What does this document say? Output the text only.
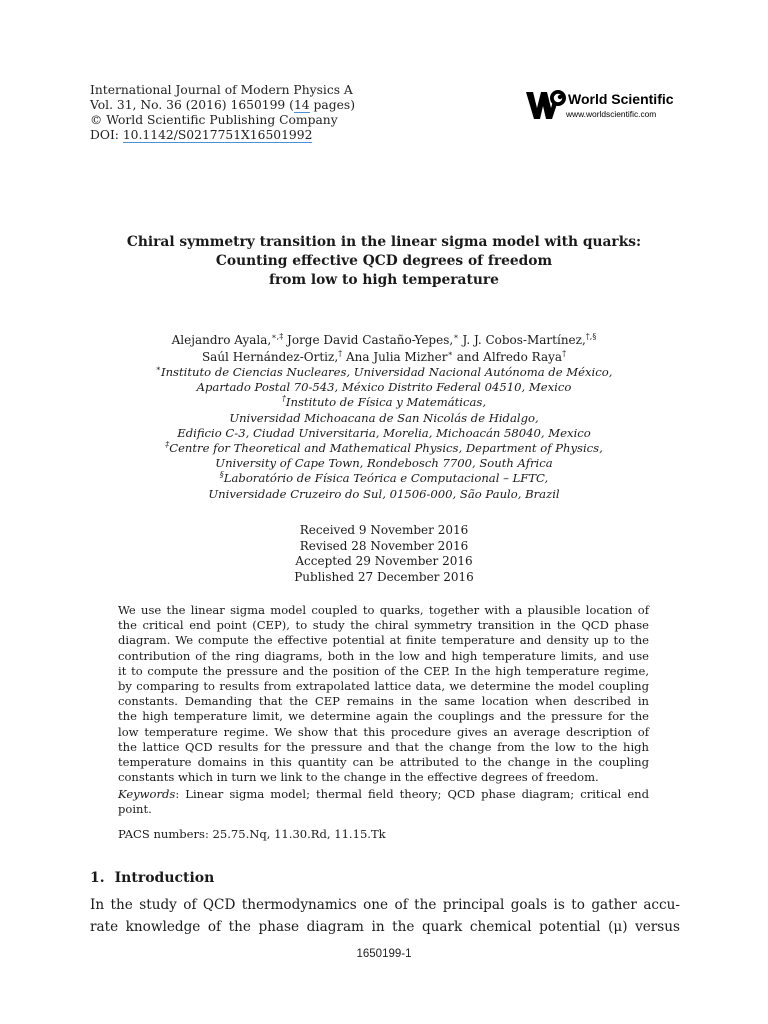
International Journal of Modern Physics A
Vol. 31, No. 36 (2016) 1650199 (14 pages)
© World Scientific Publishing Company
DOI: 10.1142/S0217751X16501992
World Scientific
www.worldscientific.com
Chiral symmetry transition in the linear sigma model with quarks:
Counting effective QCD degrees of freedom
from low to high temperature
Alejandro Ayala,∗,‡ Jorge David Castaño-Yepes,∗ J. J. Cobos-Martínez,†,§
Saúl Hernández-Ortiz,† Ana Julia Mizher∗ and Alfredo Raya†
∗Instituto de Ciencias Nucleares, Universidad Nacional Autónoma de México,
Apartado Postal 70-543, México Distrito Federal 04510, Mexico
†Instituto de Física y Matemáticas,
Universidad Michoacana de San Nicolás de Hidalgo,
Edificio C-3, Ciudad Universitaria, Morelia, Michoacán 58040, Mexico
‡Centre for Theoretical and Mathematical Physics, Department of Physics,
University of Cape Town, Rondebosch 7700, South Africa
§Laboratório de Física Teórica e Computacional – LFTC,
Universidade Cruzeiro do Sul, 01506-000, São Paulo, Brazil
Received 9 November 2016
Revised 28 November 2016
Accepted 29 November 2016
Published 27 December 2016
We use the linear sigma model coupled to quarks, together with a plausible location of
the critical end point (CEP), to study the chiral symmetry transition in the QCD phase
diagram. We compute the effective potential at finite temperature and density up to the
contribution of the ring diagrams, both in the low and high temperature limits, and use
it to compute the pressure and the position of the CEP. In the high temperature regime,
by comparing to results from extrapolated lattice data, we determine the model coupling
constants. Demanding that the CEP remains in the same location when described in
the high temperature limit, we determine again the couplings and the pressure for the
low temperature regime. We show that this procedure gives an average description of
the lattice QCD results for the pressure and that the change from the low to the high
temperature domains in this quantity can be attributed to the change in the coupling
constants which in turn we link to the change in the effective degrees of freedom.
Keywords: Linear sigma model; thermal field theory; QCD phase diagram; critical end
point.
PACS numbers: 25.75.Nq, 11.30.Rd, 11.15.Tk
1. Introduction
In the study of QCD thermodynamics one of the principal goals is to gather accu-
rate knowledge of the phase diagram in the quark chemical potential (μ) versus
1650199-1
